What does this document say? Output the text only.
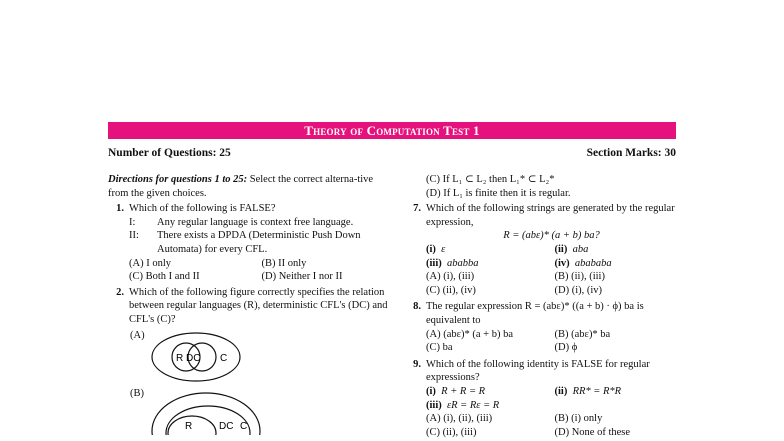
Theory of Computation Test 1
Number of Questions: 25	Section Marks: 30
Directions for questions 1 to 25: Select the correct alterna-tive from the given choices.
1. Which of the following is FALSE?
I:	Any regular language is context free language.
II:	There exists a DPDA (Deterministic Push Down Automata) for every CFL.
(A) I only	(B) II only
(C) Both I and II	(D) Neither I nor II
2. Which of the following figure correctly specifies the relation between regular languages (R), deterministic CFL's (DC) and CFL's (C)?
(A)
R DC C
(B)
R	DC C
(C) If L₁ ⊂ L₂ then L₁* ⊂ L₂*
(D) If L₁ is finite then it is regular.
7. Which of the following strings are generated by the regular expression,
R = (abε)* (a + b) ba?
(i) ε	(ii) aba
(iii) ababba	(iv) abababa
(A) (i), (iii)	(B) (ii), (iii)
(C) (ii), (iv)	(D) (i), (iv)
8. The regular expression R = (abε)* ((a + b) · ϕ) ba is equivalent to
(A) (abε)* (a + b) ba	(B) (abε)* ba
(C) ba	(D) ϕ
9. Which of the following identity is FALSE for regular expressions?
(i) R + R = R	(ii) RR* = R*R
(iii) εR = Rε = R
(A) (i), (ii), (iii)	(B) (i) only
(C) (ii), (iii)	(D) None of these
